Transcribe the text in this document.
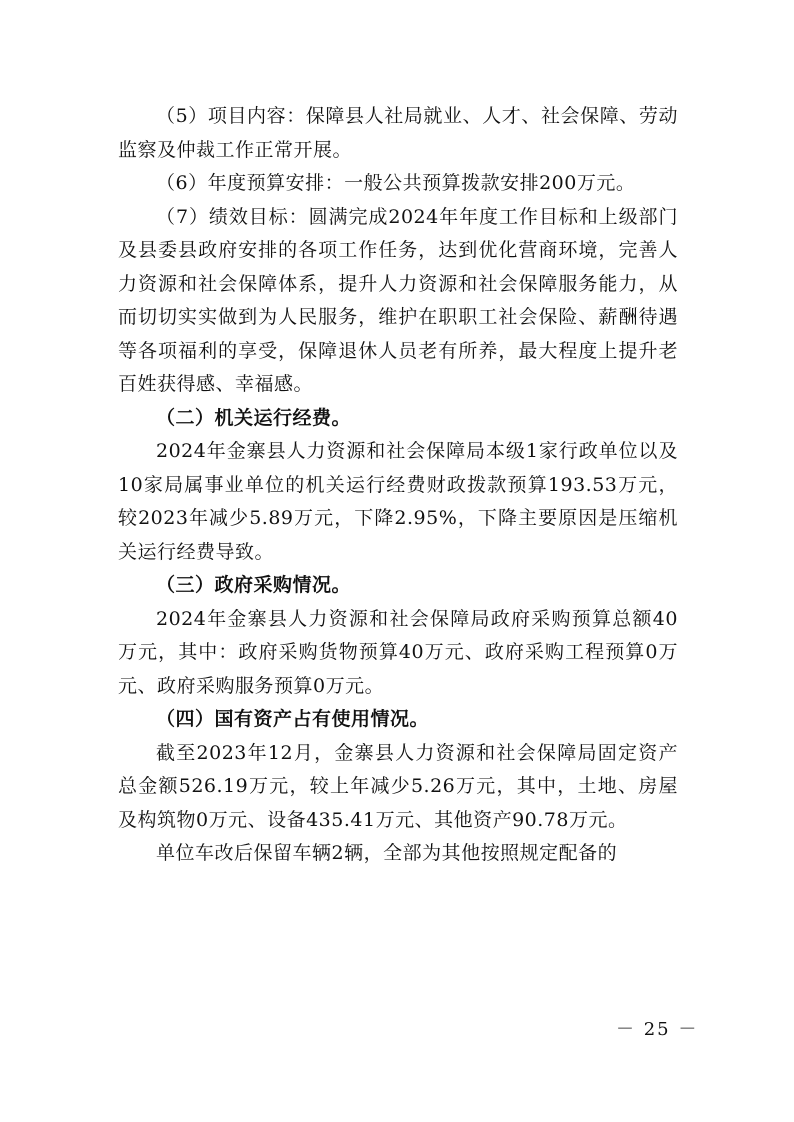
（5）项目内容：保障县人社局就业、人才、社会保障、劳动监察及仲裁工作正常开展。

（6）年度预算安排：一般公共预算拨款安排200万元。

（7）绩效目标：圆满完成2024年年度工作目标和上级部门及县委县政府安排的各项工作任务，达到优化营商环境，完善人力资源和社会保障体系，提升人力资源和社会保障服务能力，从而切切实实做到为人民服务，维护在职职工社会保险、薪酬待遇等各项福利的享受，保障退休人员老有所养，最大程度上提升老百姓获得感、幸福感。

（二）机关运行经费。

2024年金寨县人力资源和社会保障局本级1家行政单位以及10家局属事业单位的机关运行经费财政拨款预算193.53万元，较2023年减少5.89万元，下降2.95%，下降主要原因是压缩机关运行经费导致。

（三）政府采购情况。

2024年金寨县人力资源和社会保障局政府采购预算总额40万元，其中：政府采购货物预算40万元、政府采购工程预算0万元、政府采购服务预算0万元。

（四）国有资产占有使用情况。

截至2023年12月，金寨县人力资源和社会保障局固定资产总金额526.19万元，较上年减少5.26万元，其中，土地、房屋及构筑物0万元、设备435.41万元、其他资产90.78万元。

单位车改后保留车辆2辆，全部为其他按照规定配备的

－ 25 －
